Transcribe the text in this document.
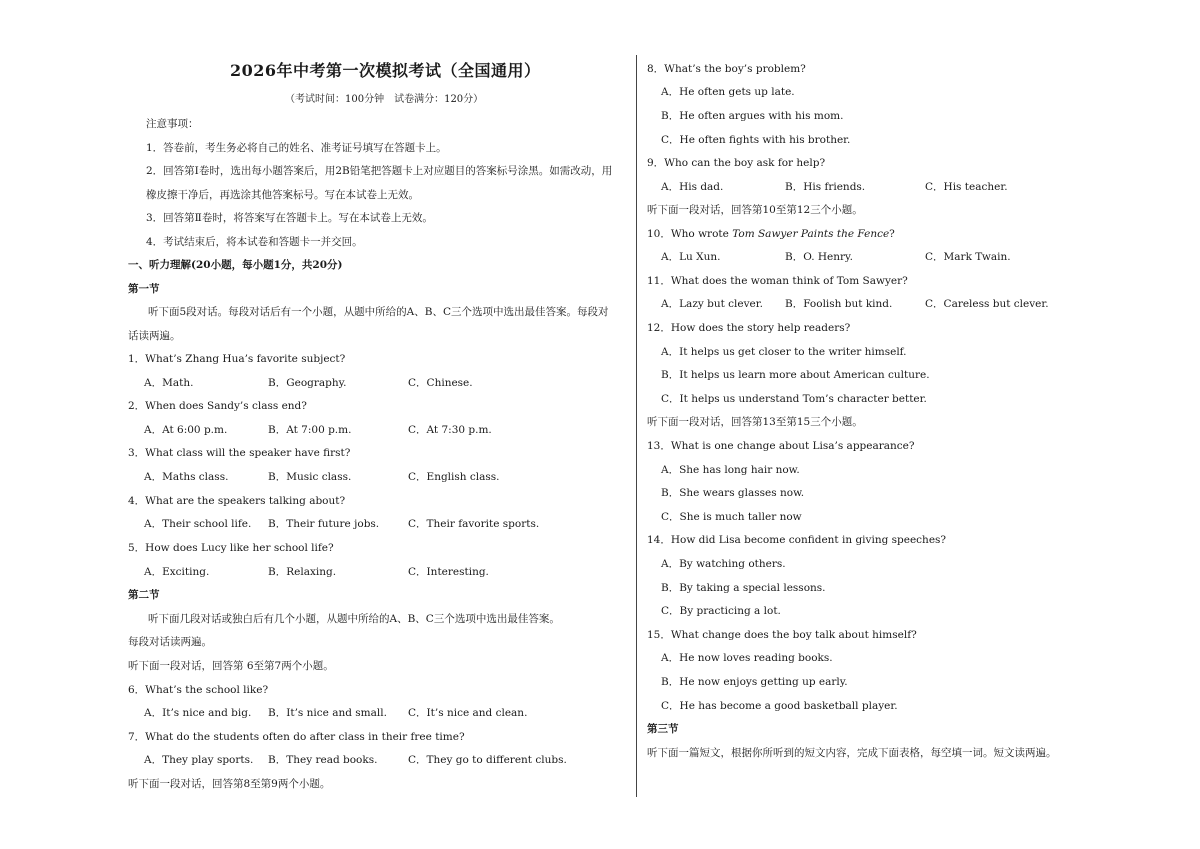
2026年中考第一次模拟考试（全国通用）
（考试时间：100分钟　试卷满分：120分）
注意事项：
1．答卷前，考生务必将自己的姓名、准考证号填写在答题卡上。
2．回答第Ⅰ卷时，选出每小题答案后，用2B铅笔把答题卡上对应题目的答案标号涂黑。如需改动，用
橡皮擦干净后，再选涂其他答案标号。写在本试卷上无效。
3．回答第Ⅱ卷时，将答案写在答题卡上。写在本试卷上无效。
4．考试结束后，将本试卷和答题卡一并交回。
一、听力理解(20小题，每小题1分，共20分)
第一节
听下面5段对话。每段对话后有一个小题，从题中所给的A、B、C三个选项中选出最佳答案。每段对
话读两遍。
1．What’s Zhang Hua’s favorite subject?
A．Math.	B．Geography.	C．Chinese.
2．When does Sandy’s class end?
A．At 6:00 p.m.	B．At 7:00 p.m.	C．At 7:30 p.m.
3．What class will the speaker have first?
A．Maths class.	B．Music class.	C．English class.
4．What are the speakers talking about?
A．Their school life. B．Their future jobs.	C．Their favorite sports.
5．How does Lucy like her school life?
A．Exciting.	B．Relaxing.	C．Interesting.
第二节
听下面几段对话或独白后有几个小题，从题中所给的A、B、C三个选项中选出最佳答案。
每段对话读两遍。
听下面一段对话，回答第 6至第7两个小题。
6．What’s the school like?
A．It’s nice and big. B．It’s nice and small. C．It’s nice and clean.
7．What do the students often do after class in their free time?
A．They play sports. B．They read books.	C．They go to different clubs.
听下面一段对话，回答第8至第9两个小题。
8．What’s the boy’s problem?
A．He often gets up late.
B．He often argues with his mom.
C．He often fights with his brother.
9．Who can the boy ask for help?
A．His dad.	B．His friends.	C．His teacher.
听下面一段对话，回答第10至第12三个小题。
10．Who wrote Tom Sawyer Paints the Fence?
A．Lu Xun.	B．O. Henry.	C．Mark Twain.
11．What does the woman think of Tom Sawyer?
A．Lazy but clever. B．Foolish but kind.	C．Careless but clever.
12．How does the story help readers?
A．It helps us get closer to the writer himself.
B．It helps us learn more about American culture.
C．It helps us understand Tom’s character better.
听下面一段对话，回答第13至第15三个小题。
13．What is one change about Lisa’s appearance?
A．She has long hair now.
B．She wears glasses now.
C．She is much taller now
14．How did Lisa become confident in giving speeches?
A．By watching others.
B．By taking a special lessons.
C．By practicing a lot.
15．What change does the boy talk about himself?
A．He now loves reading books.
B．He now enjoys getting up early.
C．He has become a good basketball player.
第三节
听下面一篇短文，根据你所听到的短文内容，完成下面表格，每空填一词。短文读两遍。
